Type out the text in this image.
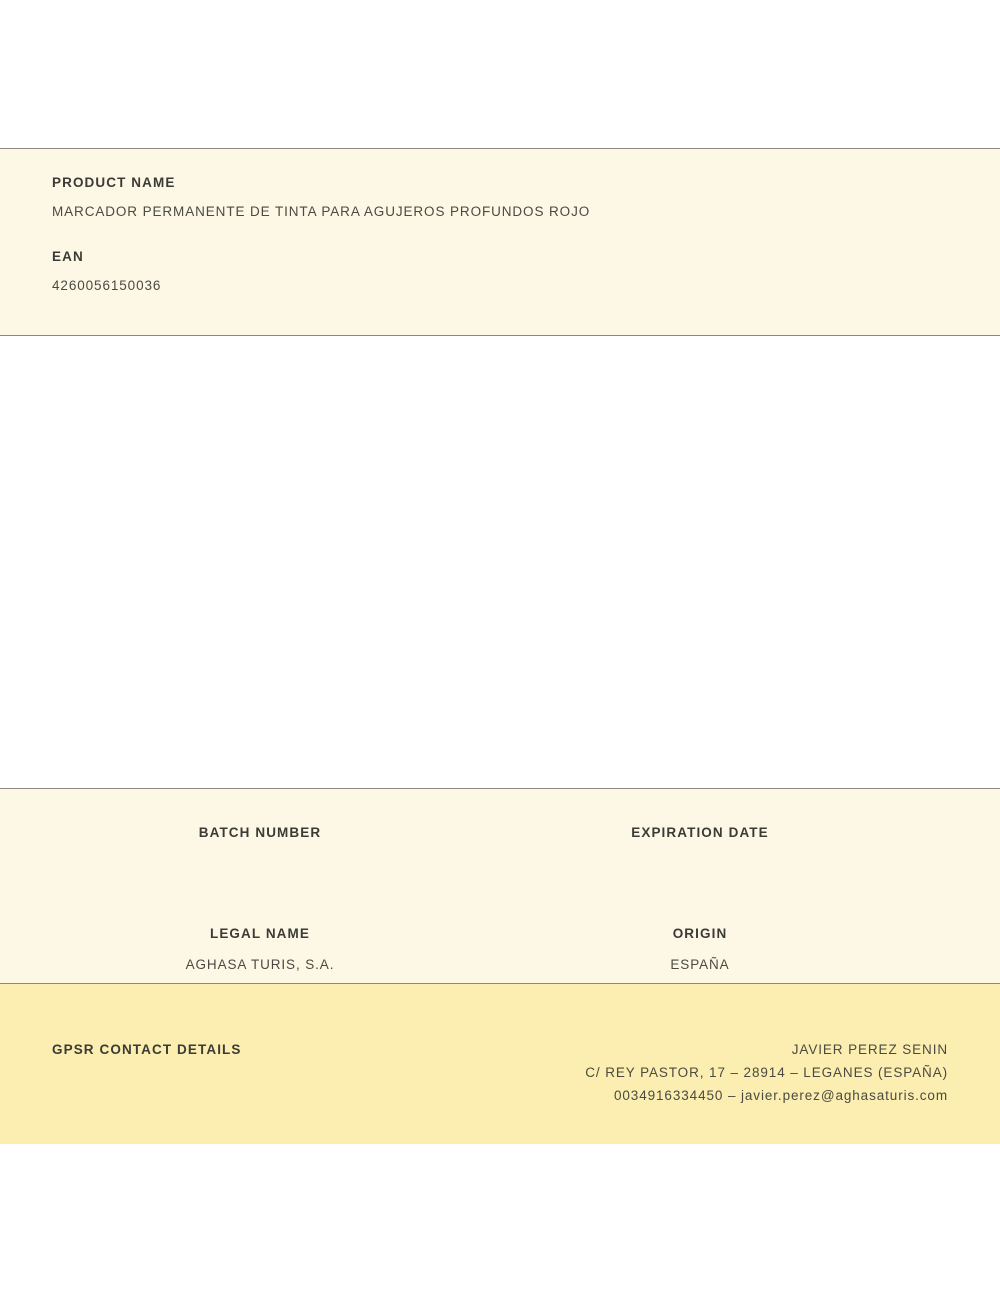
PRODUCT NAME

MARCADOR PERMANENTE DE TINTA PARA AGUJEROS PROFUNDOS ROJO

EAN

4260056150036

BATCH NUMBER	EXPIRATION DATE

LEGAL NAME

AGHASA TURIS, S.A.

ORIGIN

ESPAÑA

GPSR CONTACT DETAILS	JAVIER PEREZ SENIN
C/ REY PASTOR, 17 – 28914 – LEGANES (ESPAÑA)
0034916334450 – javier.perez@aghasaturis.com
